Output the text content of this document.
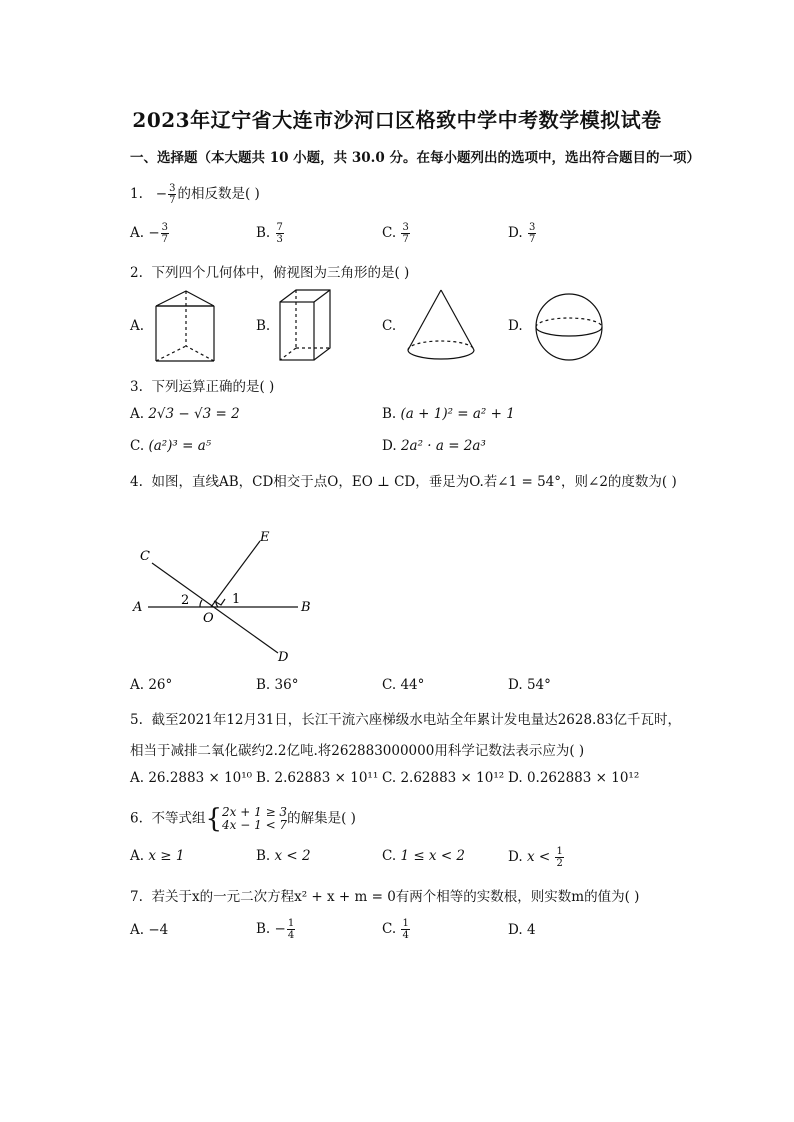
2023年辽宁省大连市沙河口区格致中学中考数学模拟试卷
一、选择题（本大题共 10 小题，共 30.0 分。在每小题列出的选项中，选出符合题目的一项）
1. − $\frac{3}{7}$ 的相反数是( )
A. − $\frac{3}{7}$	B. $\frac{7}{3}$	C. $\frac{3}{7}$	D. $\frac{3}{7}$
2. 下列四个几何体中，俯视图为三角形的是( )
A.	B.	C.	D.
3. 下列运算正确的是( )
A. 2√3 − √3 = 2	B. (a + 1)² = a² + 1
C. (a²)³ = a⁵	D. 2a² · a = 2a³
4. 如图，直线AB，CD相交于点O，EO ⊥ CD，垂足为O.若∠1 = 54°，则∠2的度数为( )
C
E
A	B
O
D
1
2
A. 26°	B. 36°	C. 44°	D. 54°
5. 截至2021年12月31日，长江干流六座梯级水电站全年累计发电量达2628.83亿千瓦时，
相当于减排二氧化碳约2.2亿吨.将262883000000用科学记数法表示应为( )
A. 26.2883 × 10¹⁰ B. 2.62883 × 10¹¹ C. 2.62883 × 10¹² D. 0.262883 × 10¹²
6. 不等式组{ 2x + 1 ≥ 3
4x − 1 < 7 的解集是( )
A. x ≥ 1	B. x < 2	C. 1 ≤ x < 2	D. $x < \frac{1}{2}$
7. 若关于x的一元二次方程x² + x + m = 0有两个相等的实数根，则实数m的值为( )
A. −4	B. − $\frac{1}{4}$	C. $\frac{1}{4}$	D. 4
